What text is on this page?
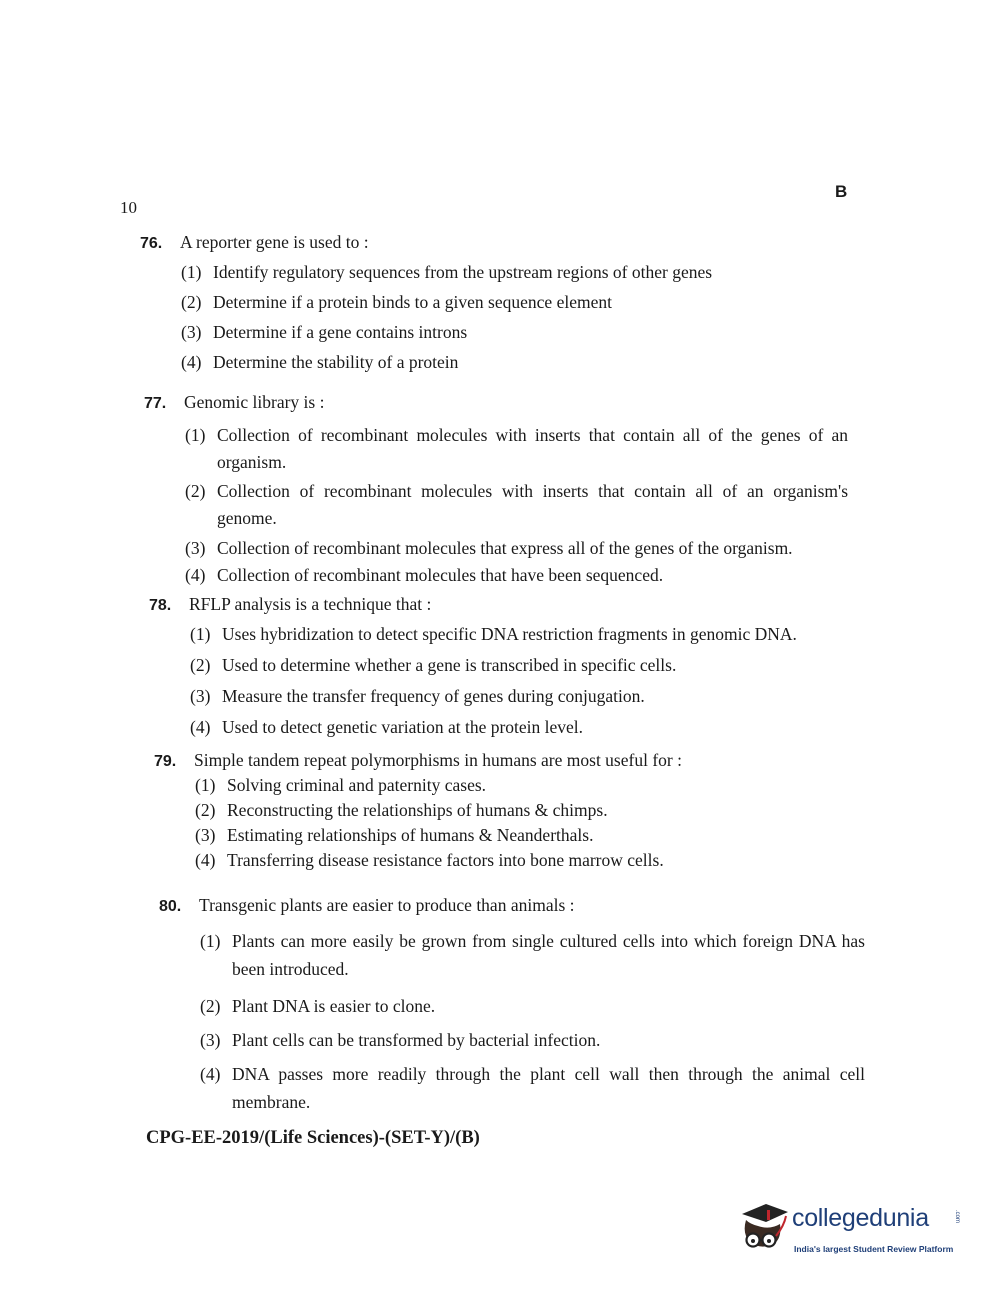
10
B
76.	A reporter gene is used to :
(1) Identify regulatory sequences from the upstream regions of other genes
(2) Determine if a protein binds to a given sequence element
(3) Determine if a gene contains introns
(4) Determine the stability of a protein
77.	Genomic library is :
(1) Collection of recombinant molecules with inserts that contain all of the genes of an organism.
(2) Collection of recombinant molecules with inserts that contain all of an organism's genome.
(3) Collection of recombinant molecules that express all of the genes of the organism.
(4) Collection of recombinant molecules that have been sequenced.
78.	RFLP analysis is a technique that :
(1) Uses hybridization to detect specific DNA restriction fragments in genomic DNA.
(2) Used to determine whether a gene is transcribed in specific cells.
(3) Measure the transfer frequency of genes during conjugation.
(4) Used to detect genetic variation at the protein level.
79.	Simple tandem repeat polymorphisms in humans are most useful for :
(1) Solving criminal and paternity cases.
(2) Reconstructing the relationships of humans & chimps.
(3) Estimating relationships of humans & Neanderthals.
(4) Transferring disease resistance factors into bone marrow cells.
80.	Transgenic plants are easier to produce than animals :
(1) Plants can more easily be grown from single cultured cells into which foreign DNA has been introduced.
(2) Plant DNA is easier to clone.
(3) Plant cells can be transformed by bacterial infection.
(4) DNA passes more readily through the plant cell wall then through the animal cell membrane.
CPG-EE-2019/(Life Sciences)-(SET-Y)/(B)
collegedunia	.com
India's largest Student Review Platform
